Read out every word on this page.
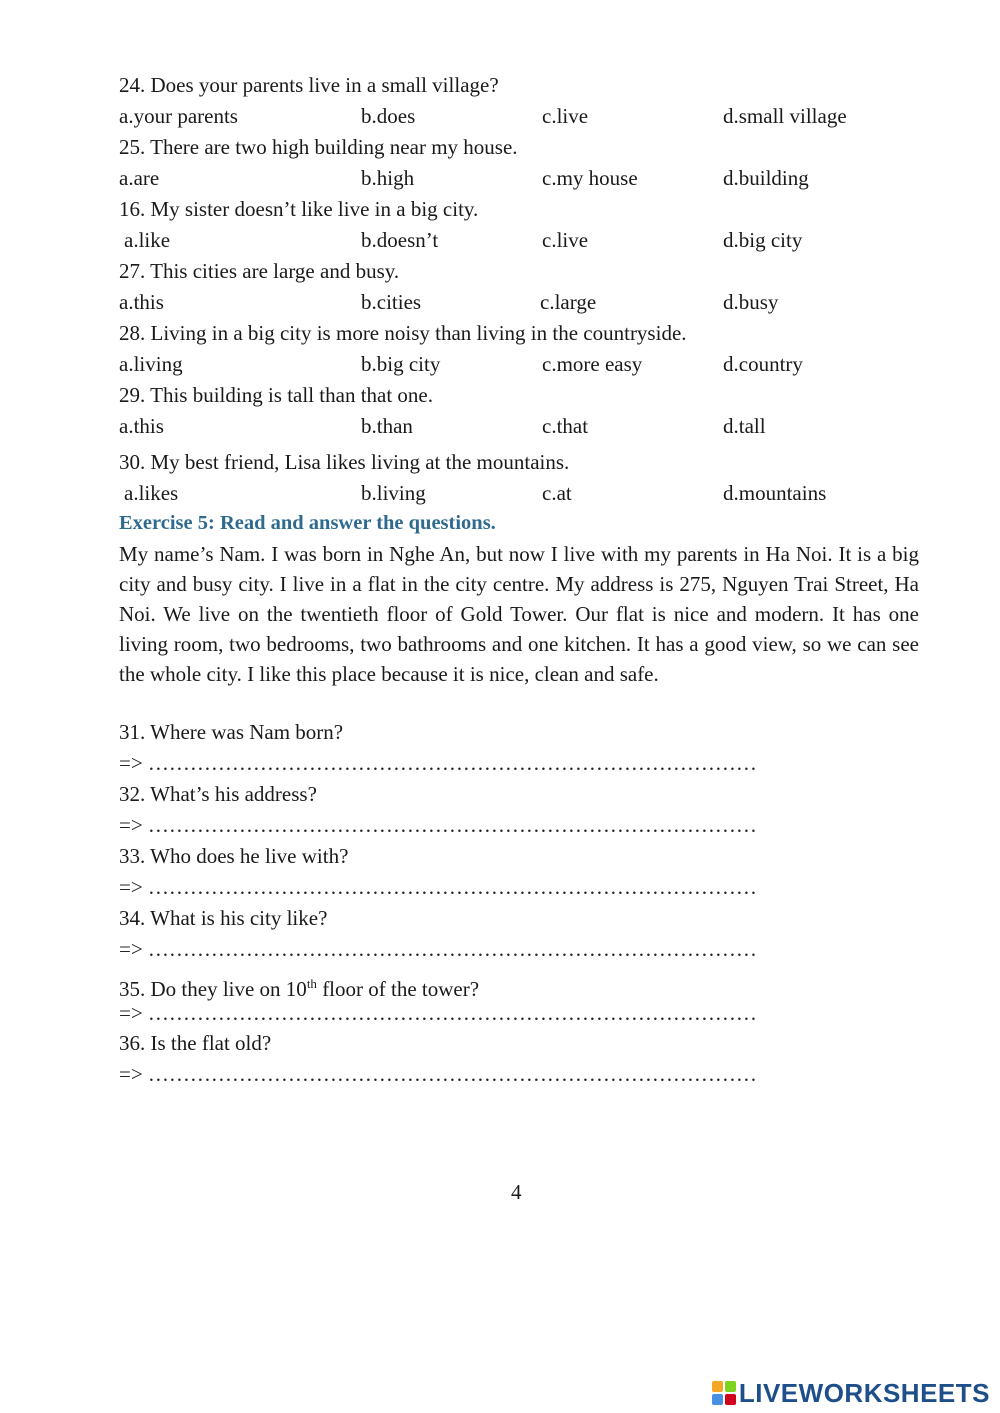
24. Does your parents live in a small village?
a.your parents	b.does	c.live	d.small village
25. There are two high building near my house.
a.are	b.high	c.my house	d.building
16. My sister doesn’t like live in a big city.
a.like	b.doesn’t	c.live	d.big city
27. This cities are large and busy.
a.this	b.cities	c.large	d.busy
28. Living in a big city is more noisy than living in the countryside.
a.living	b.big city	c.more easy	d.country
29. This building is tall than that one.
a.this	b.than	c.that	d.tall
30. My best friend, Lisa likes living at the mountains.
a.likes	b.living	c.at	d.mountains
Exercise 5: Read and answer the questions.
My name’s Nam. I was born in Nghe An, but now I live with my parents in Ha Noi. It is a big city and busy city. I live in a flat in the city centre. My address is 275, Nguyen Trai Street, Ha Noi. We live on the twentieth floor of Gold Tower. Our flat is nice and modern. It has one living room, two bedrooms, two bathrooms and one kitchen. It has a good view, so we can see the whole city. I like this place because it is nice, clean and safe.
31. Where was Nam born?
=> ……………………………………………………………………………
32. What’s his address?
=> ……………………………………………………………………………
33. Who does he live with?
=> ……………………………………………………………………………
34. What is his city like?
=> ……………………………………………………………………………
35. Do they live on 10th floor of the tower?
=> ……………………………………………………………………………
36. Is the flat old?
=> ……………………………………………………………………………
4
LIVEWORKSHEETS
